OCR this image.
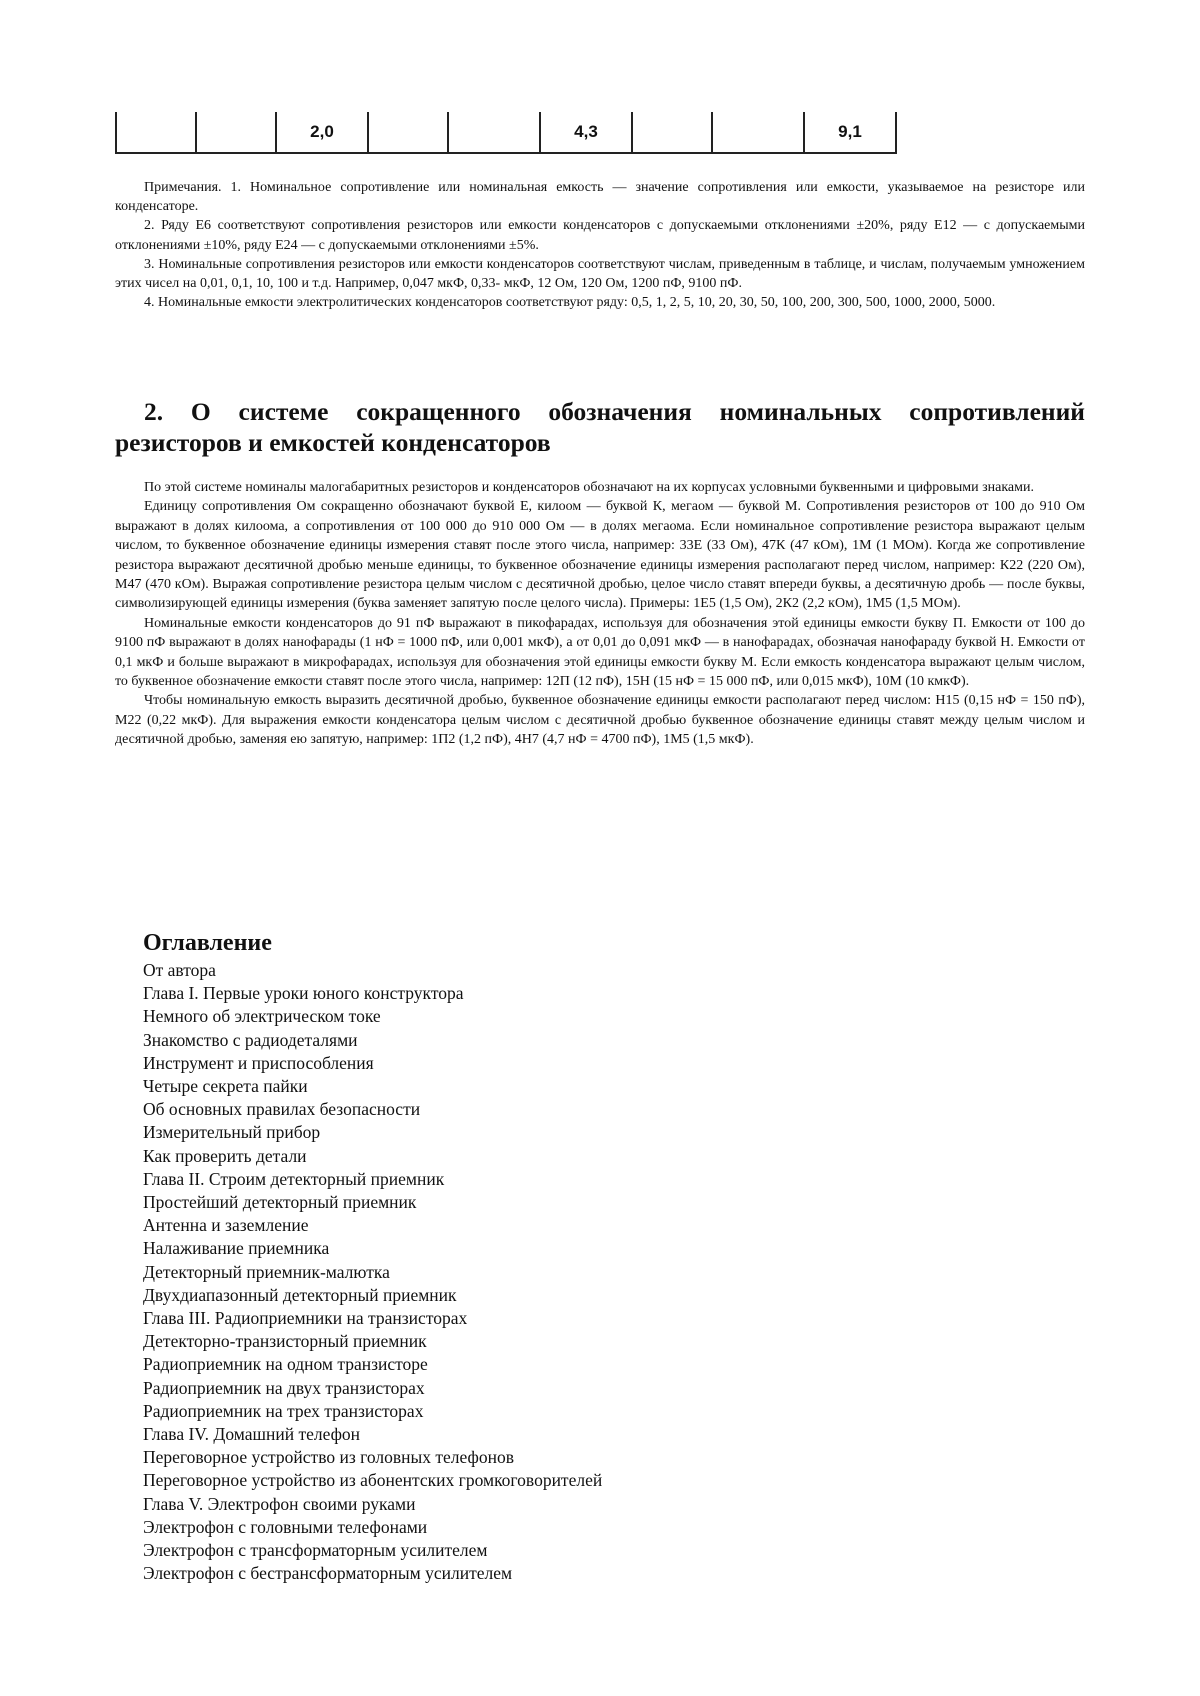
		2,0			4,3			9,1

Примечания. 1. Номинальное сопротивление или номинальная емкость — значение сопротивления или емкости, указываемое на резисторе или конденсаторе.

2. Ряду Е6 соответствуют сопротивления резисторов или емкости конденсаторов с допускаемыми отклонениями ±20%, ряду Е12 — с допускаемыми отклонениями ±10%, ряду Е24 — с допускаемыми отклонениями ±5%.

3. Номинальные сопротивления резисторов или емкости конденсаторов соответствуют числам, приведенным в таблице, и числам, получаемым умножением этих чисел на 0,01, 0,1, 10, 100 и т.д. Например, 0,047 мкФ, 0,33- мкФ, 12 Ом, 120 Ом, 1200 пФ, 9100 пФ.

4. Номинальные емкости электролитических конденсаторов соответствуют ряду: 0,5, 1, 2, 5, 10, 20, 30, 50, 100, 200, 300, 500, 1000, 2000, 5000.

2. О системе сокращенного обозначения номинальных сопротивлений резисторов и емкостей конденсаторов

По этой системе номиналы малогабаритных резисторов и конденсаторов обозначают на их корпусах условными буквенными и цифровыми знаками.

Единицу сопротивления Ом сокращенно обозначают буквой Е, килоом — буквой К, мегаом — буквой М. Сопротивления резисторов от 100 до 910 Ом выражают в долях килоома, а сопротивления от 100 000 до 910 000 Ом — в долях мегаома. Если номинальное сопротивление резистора выражают целым числом, то буквенное обозначение единицы измерения ставят после этого числа, например: 33Е (33 Ом), 47К (47 кОм), 1М (1 МОм). Когда же сопротивление резистора выражают десятичной дробью меньше единицы, то буквенное обозначение единицы измерения располагают перед числом, например: К22 (220 Ом), М47 (470 кОм). Выражая сопротивление резистора целым числом с десятичной дробью, целое число ставят впереди буквы, а десятичную дробь — после буквы, символизирующей единицы измерения (буква заменяет запятую после целого числа). Примеры: 1Е5 (1,5 Ом), 2К2 (2,2 кОм), 1М5 (1,5 МОм).

Номинальные емкости конденсаторов до 91 пФ выражают в пикофарадах, используя для обозначения этой единицы емкости букву П. Емкости от 100 до 9100 пФ выражают в долях нанофарады (1 нФ = 1000 пФ, или 0,001 мкФ), а от 0,01 до 0,091 мкФ — в нанофарадах, обозначая нанофараду буквой Н. Емкости от 0,1 мкФ и больше выражают в микрофарадах, используя для обозначения этой единицы емкости букву М. Если емкость конденсатора выражают целым числом, то буквенное обозначение емкости ставят после этого числа, например: 12П (12 пФ), 15Н (15 нФ = 15 000 пФ, или 0,015 мкФ), 10М (10 кмкФ).

Чтобы номинальную емкость выразить десятичной дробью, буквенное обозначение единицы емкости располагают перед числом: Н15 (0,15 нФ = 150 пФ), М22 (0,22 мкФ). Для выражения емкости конденсатора целым числом с десятичной дробью буквенное обозначение единицы ставят между целым числом и десятичной дробью, заменяя ею запятую, например: 1П2 (1,2 пФ), 4Н7 (4,7 нФ = 4700 пФ), 1М5 (1,5 мкФ).

Оглавление
От автора
Глава I. Первые уроки юного конструктора
Немного об электрическом токе
Знакомство с радиодеталями
Инструмент и приспособления
Четыре секрета пайки
Об основных правилах безопасности
Измерительный прибор
Как проверить детали
Глава II. Строим детекторный приемник
Простейший детекторный приемник
Антенна и заземление
Налаживание приемника
Детекторный приемник-малютка
Двухдиапазонный детекторный приемник
Глава III. Радиоприемники на транзисторах
Детекторно-транзисторный приемник
Радиоприемник на одном транзисторе
Радиоприемник на двух транзисторах
Радиоприемник на трех транзисторах
Глава IV. Домашний телефон
Переговорное устройство из головных телефонов
Переговорное устройство из абонентских громкоговорителей
Глава V. Электрофон своими руками
Электрофон с головными телефонами
Электрофон с трансформаторным усилителем
Электрофон с бестрансформаторным усилителем
